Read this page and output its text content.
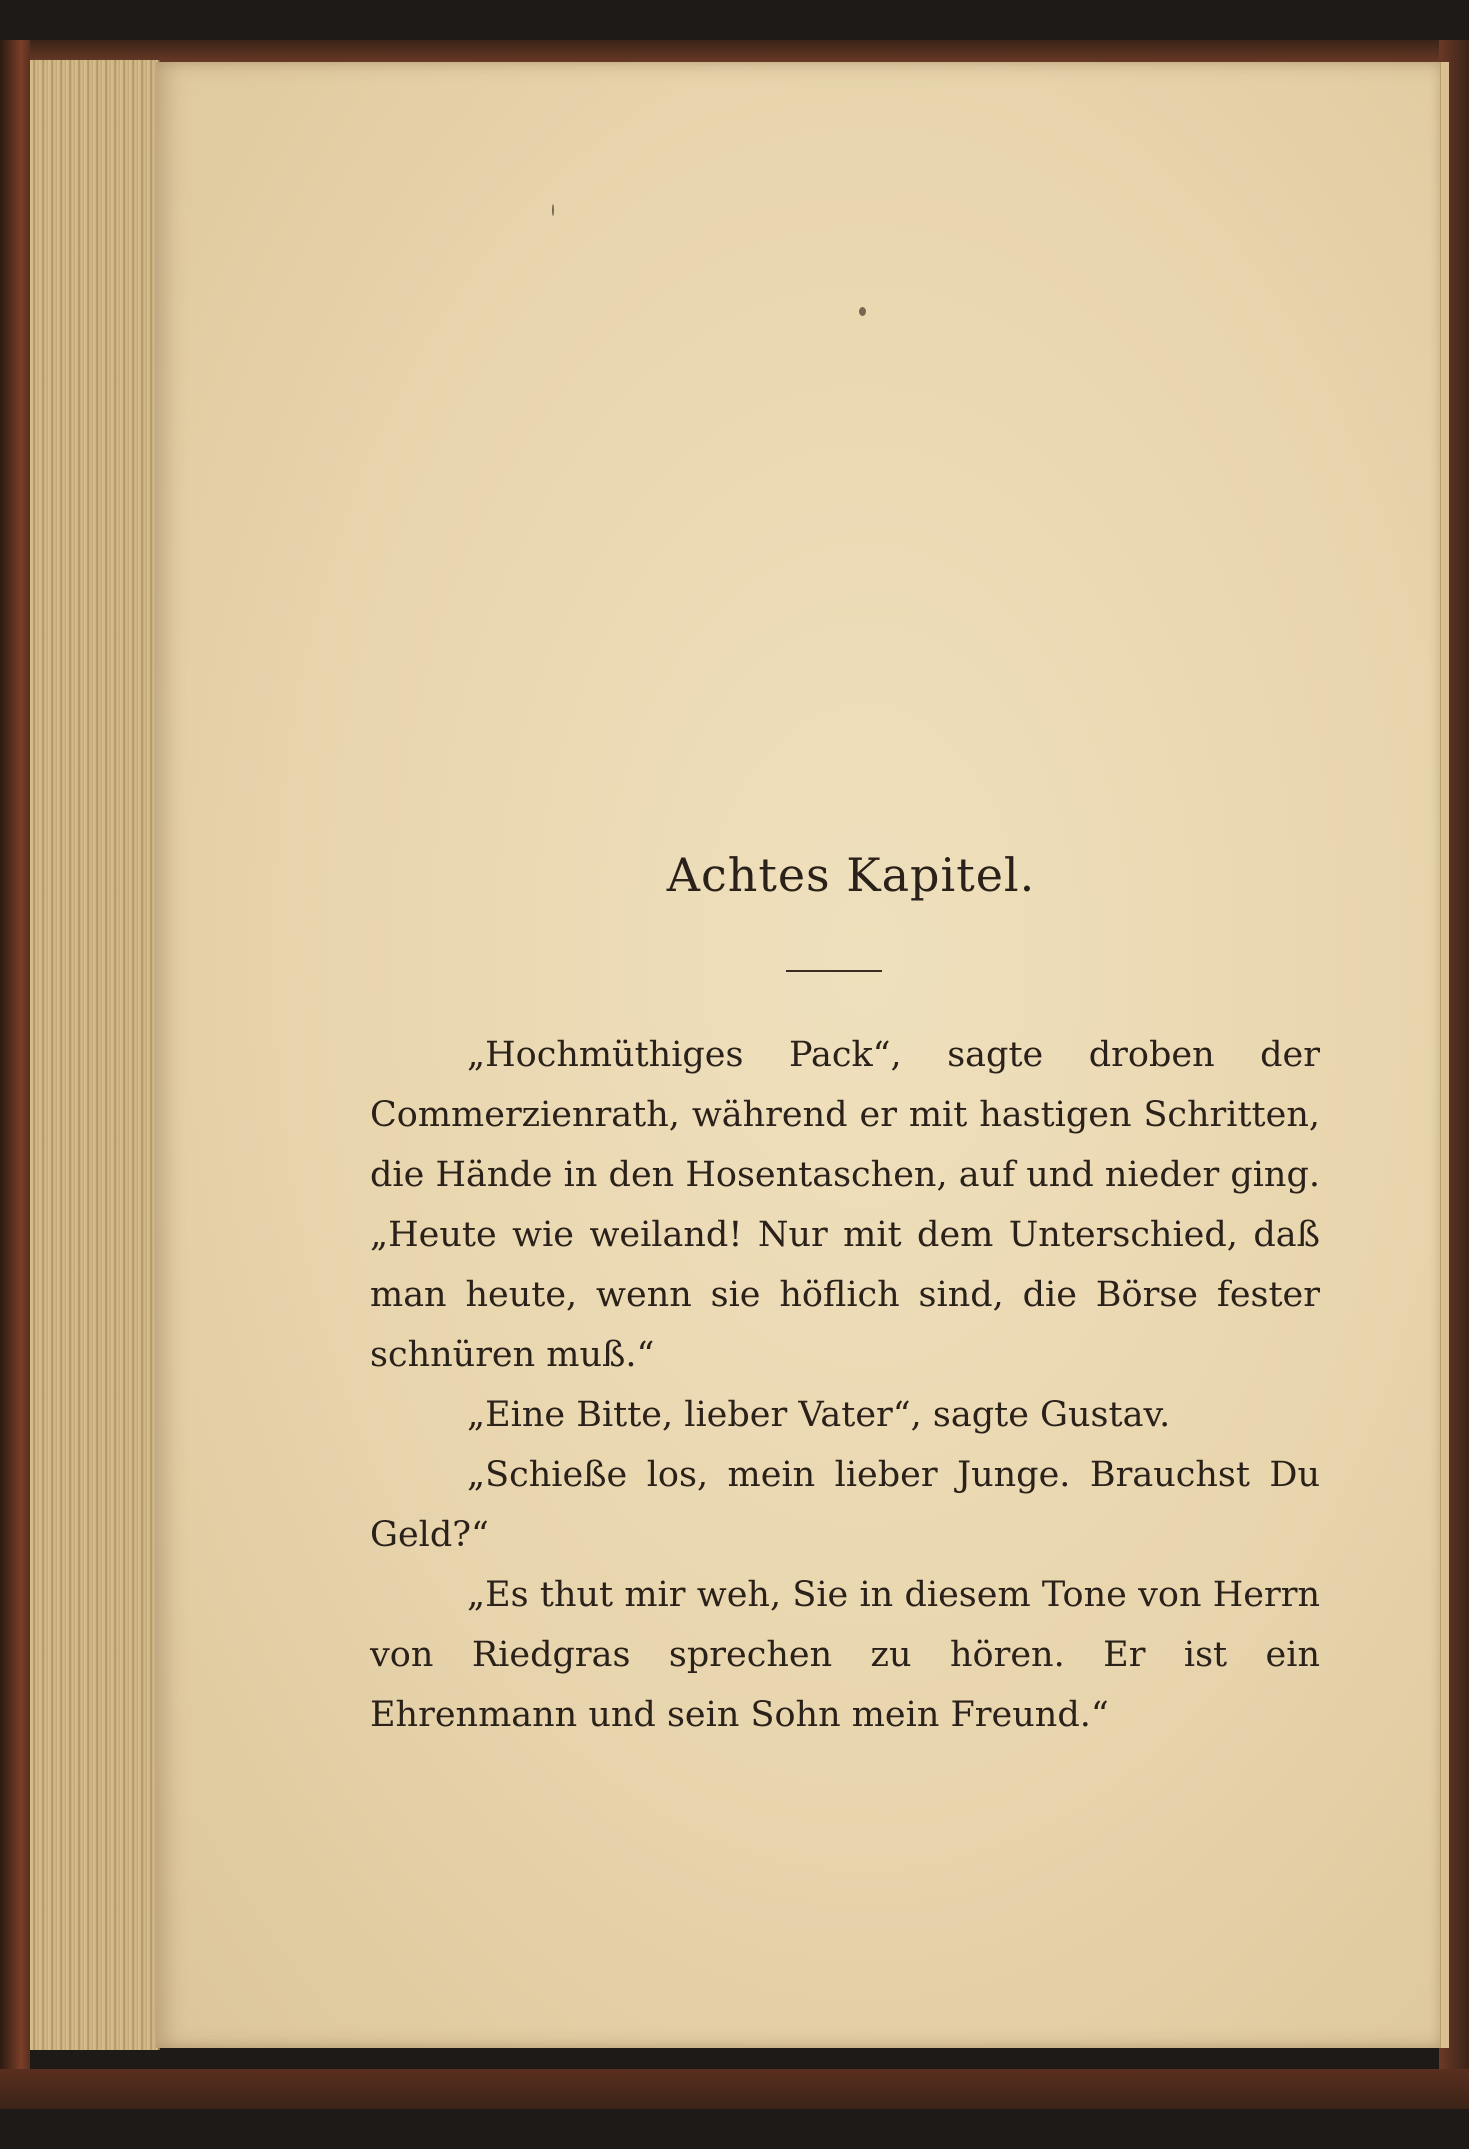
Achtes Kapitel.

„Hochmüthiges Pack“, sagte droben der Commerzienrath, während er mit hastigen Schritten, die Hände in den Hosentaschen, auf und nieder ging. „Heute wie weiland! Nur mit dem Unterschied, daß man heute, wenn sie höflich sind, die Börse fester schnüren muß.“

„Eine Bitte, lieber Vater“, sagte Gustav.

„Schieße los, mein lieber Junge. Brauchst Du Geld?“

„Es thut mir weh, Sie in diesem Tone von Herrn von Riedgras sprechen zu hören. Er ist ein Ehrenmann und sein Sohn mein Freund.“
